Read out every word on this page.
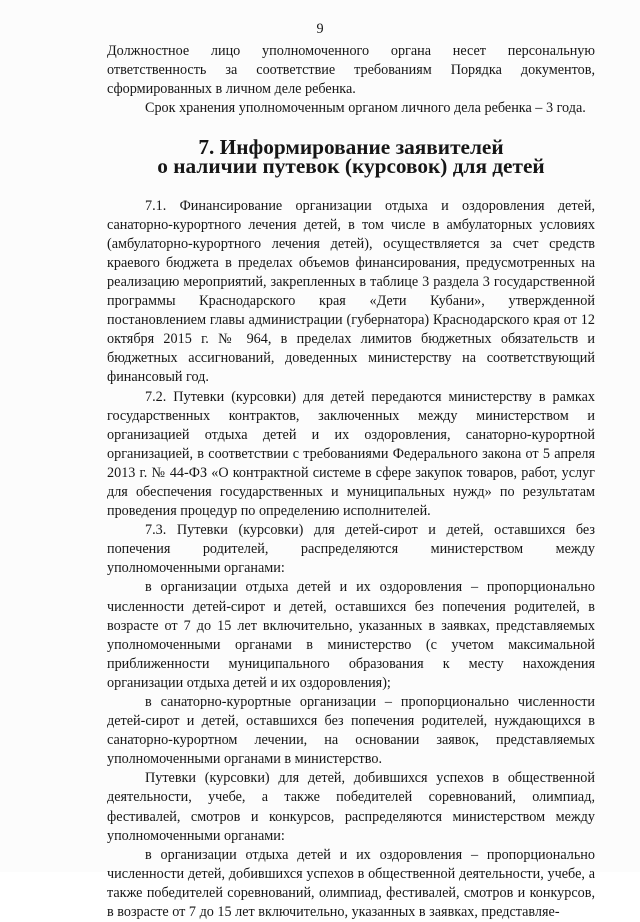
9

Должностное лицо уполномоченного органа несет персональную ответственность за соответствие требованиям Порядка документов, сформированных в личном деле ребенка.

Срок хранения уполномоченным органом личного дела ребенка – 3 года.

7. Информирование заявителей
о наличии путевок (курсовок) для детей

7.1. Финансирование организации отдыха и оздоровления детей, санаторно-курортного лечения детей, в том числе в амбулаторных условиях (амбулаторно-курортного лечения детей), осуществляется за счет средств краевого бюджета в пределах объемов финансирования, предусмотренных на реализацию мероприятий, закрепленных в таблице 3 раздела 3 государственной программы Краснодарского края «Дети Кубани», утвержденной постановлением главы администрации (губернатора) Краснодарского края от 12 октября 2015 г. № 964, в пределах лимитов бюджетных обязательств и бюджетных ассигнований, доведенных министерству на соответствующий финансовый год.

7.2. Путевки (курсовки) для детей передаются министерству в рамках государственных контрактов, заключенных между министерством и организацией отдыха детей и их оздоровления, санаторно-курортной организацией, в соответствии с требованиями Федерального закона от 5 апреля 2013 г. № 44-ФЗ «О контрактной системе в сфере закупок товаров, работ, услуг для обеспечения государственных и муниципальных нужд» по результатам проведения процедур по определению исполнителей.

7.3. Путевки (курсовки) для детей-сирот и детей, оставшихся без попечения родителей, распределяются министерством между уполномоченными органами:

в организации отдыха детей и их оздоровления – пропорционально численности детей-сирот и детей, оставшихся без попечения родителей, в возрасте от 7 до 15 лет включительно, указанных в заявках, представляемых уполномоченными органами в министерство (с учетом максимальной приближенности муниципального образования к месту нахождения организации отдыха детей и их оздоровления);

в санаторно-курортные организации – пропорционально численности детей-сирот и детей, оставшихся без попечения родителей, нуждающихся в санаторно-курортном лечении, на основании заявок, представляемых уполномоченными органами в министерство.

Путевки (курсовки) для детей, добившихся успехов в общественной деятельности, учебе, а также победителей соревнований, олимпиад, фестивалей, смотров и конкурсов, распределяются министерством между уполномоченными органами:

в организации отдыха детей и их оздоровления – пропорционально численности детей, добившихся успехов в общественной деятельности, учебе, а также победителей соревнований, олимпиад, фестивалей, смотров и конкурсов, в возрасте от 7 до 15 лет включительно, указанных в заявках, представляе-
